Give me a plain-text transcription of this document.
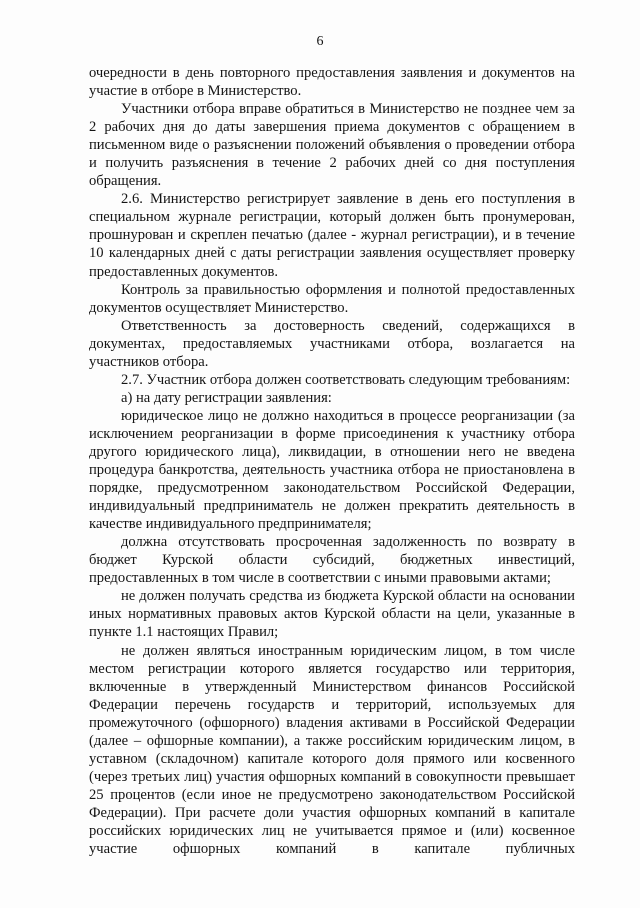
6

очередности в день повторного предоставления заявления и документов на участие в отборе в Министерство.

Участники отбора вправе обратиться в Министерство не позднее чем за 2 рабочих дня до даты завершения приема документов с обращением в письменном виде о разъяснении положений объявления о проведении отбора и получить разъяснения в течение 2 рабочих дней со дня поступления обращения.

2.6. Министерство регистрирует заявление в день его поступления в специальном журнале регистрации, который должен быть пронумерован, прошнурован и скреплен печатью (далее - журнал регистрации), и в течение 10 календарных дней с даты регистрации заявления осуществляет проверку предоставленных документов.

Контроль за правильностью оформления и полнотой предоставленных документов осуществляет Министерство.

Ответственность за достоверность сведений, содержащихся в документах, предоставляемых участниками отбора, возлагается на участников отбора.

2.7. Участник отбора должен соответствовать следующим требованиям:

а) на дату регистрации заявления:

юридическое лицо не должно находиться в процессе реорганизации (за исключением реорганизации в форме присоединения к участнику отбора другого юридического лица), ликвидации, в отношении него не введена процедура банкротства, деятельность участника отбора не приостановлена в порядке, предусмотренном законодательством Российской Федерации, индивидуальный предприниматель не должен прекратить деятельность в качестве индивидуального предпринимателя;

должна отсутствовать просроченная задолженность по возврату в бюджет Курской области субсидий, бюджетных инвестиций, предоставленных в том числе в соответствии с иными правовыми актами;

не должен получать средства из бюджета Курской области на основании иных нормативных правовых актов Курской области на цели, указанные в пункте 1.1 настоящих Правил;

не должен являться иностранным юридическим лицом, в том числе местом регистрации которого является государство или территория, включенные в утвержденный Министерством финансов Российской Федерации перечень государств и территорий, используемых для промежуточного (офшорного) владения активами в Российской Федерации (далее – офшорные компании), а также российским юридическим лицом, в уставном (складочном) капитале которого доля прямого или косвенного (через третьих лиц) участия офшорных компаний в совокупности превышает 25 процентов (если иное не предусмотрено законодательством Российской Федерации). При расчете доли участия офшорных компаний в капитале российских юридических лиц не учитывается прямое и (или) косвенное участие офшорных компаний в капитале публичных
